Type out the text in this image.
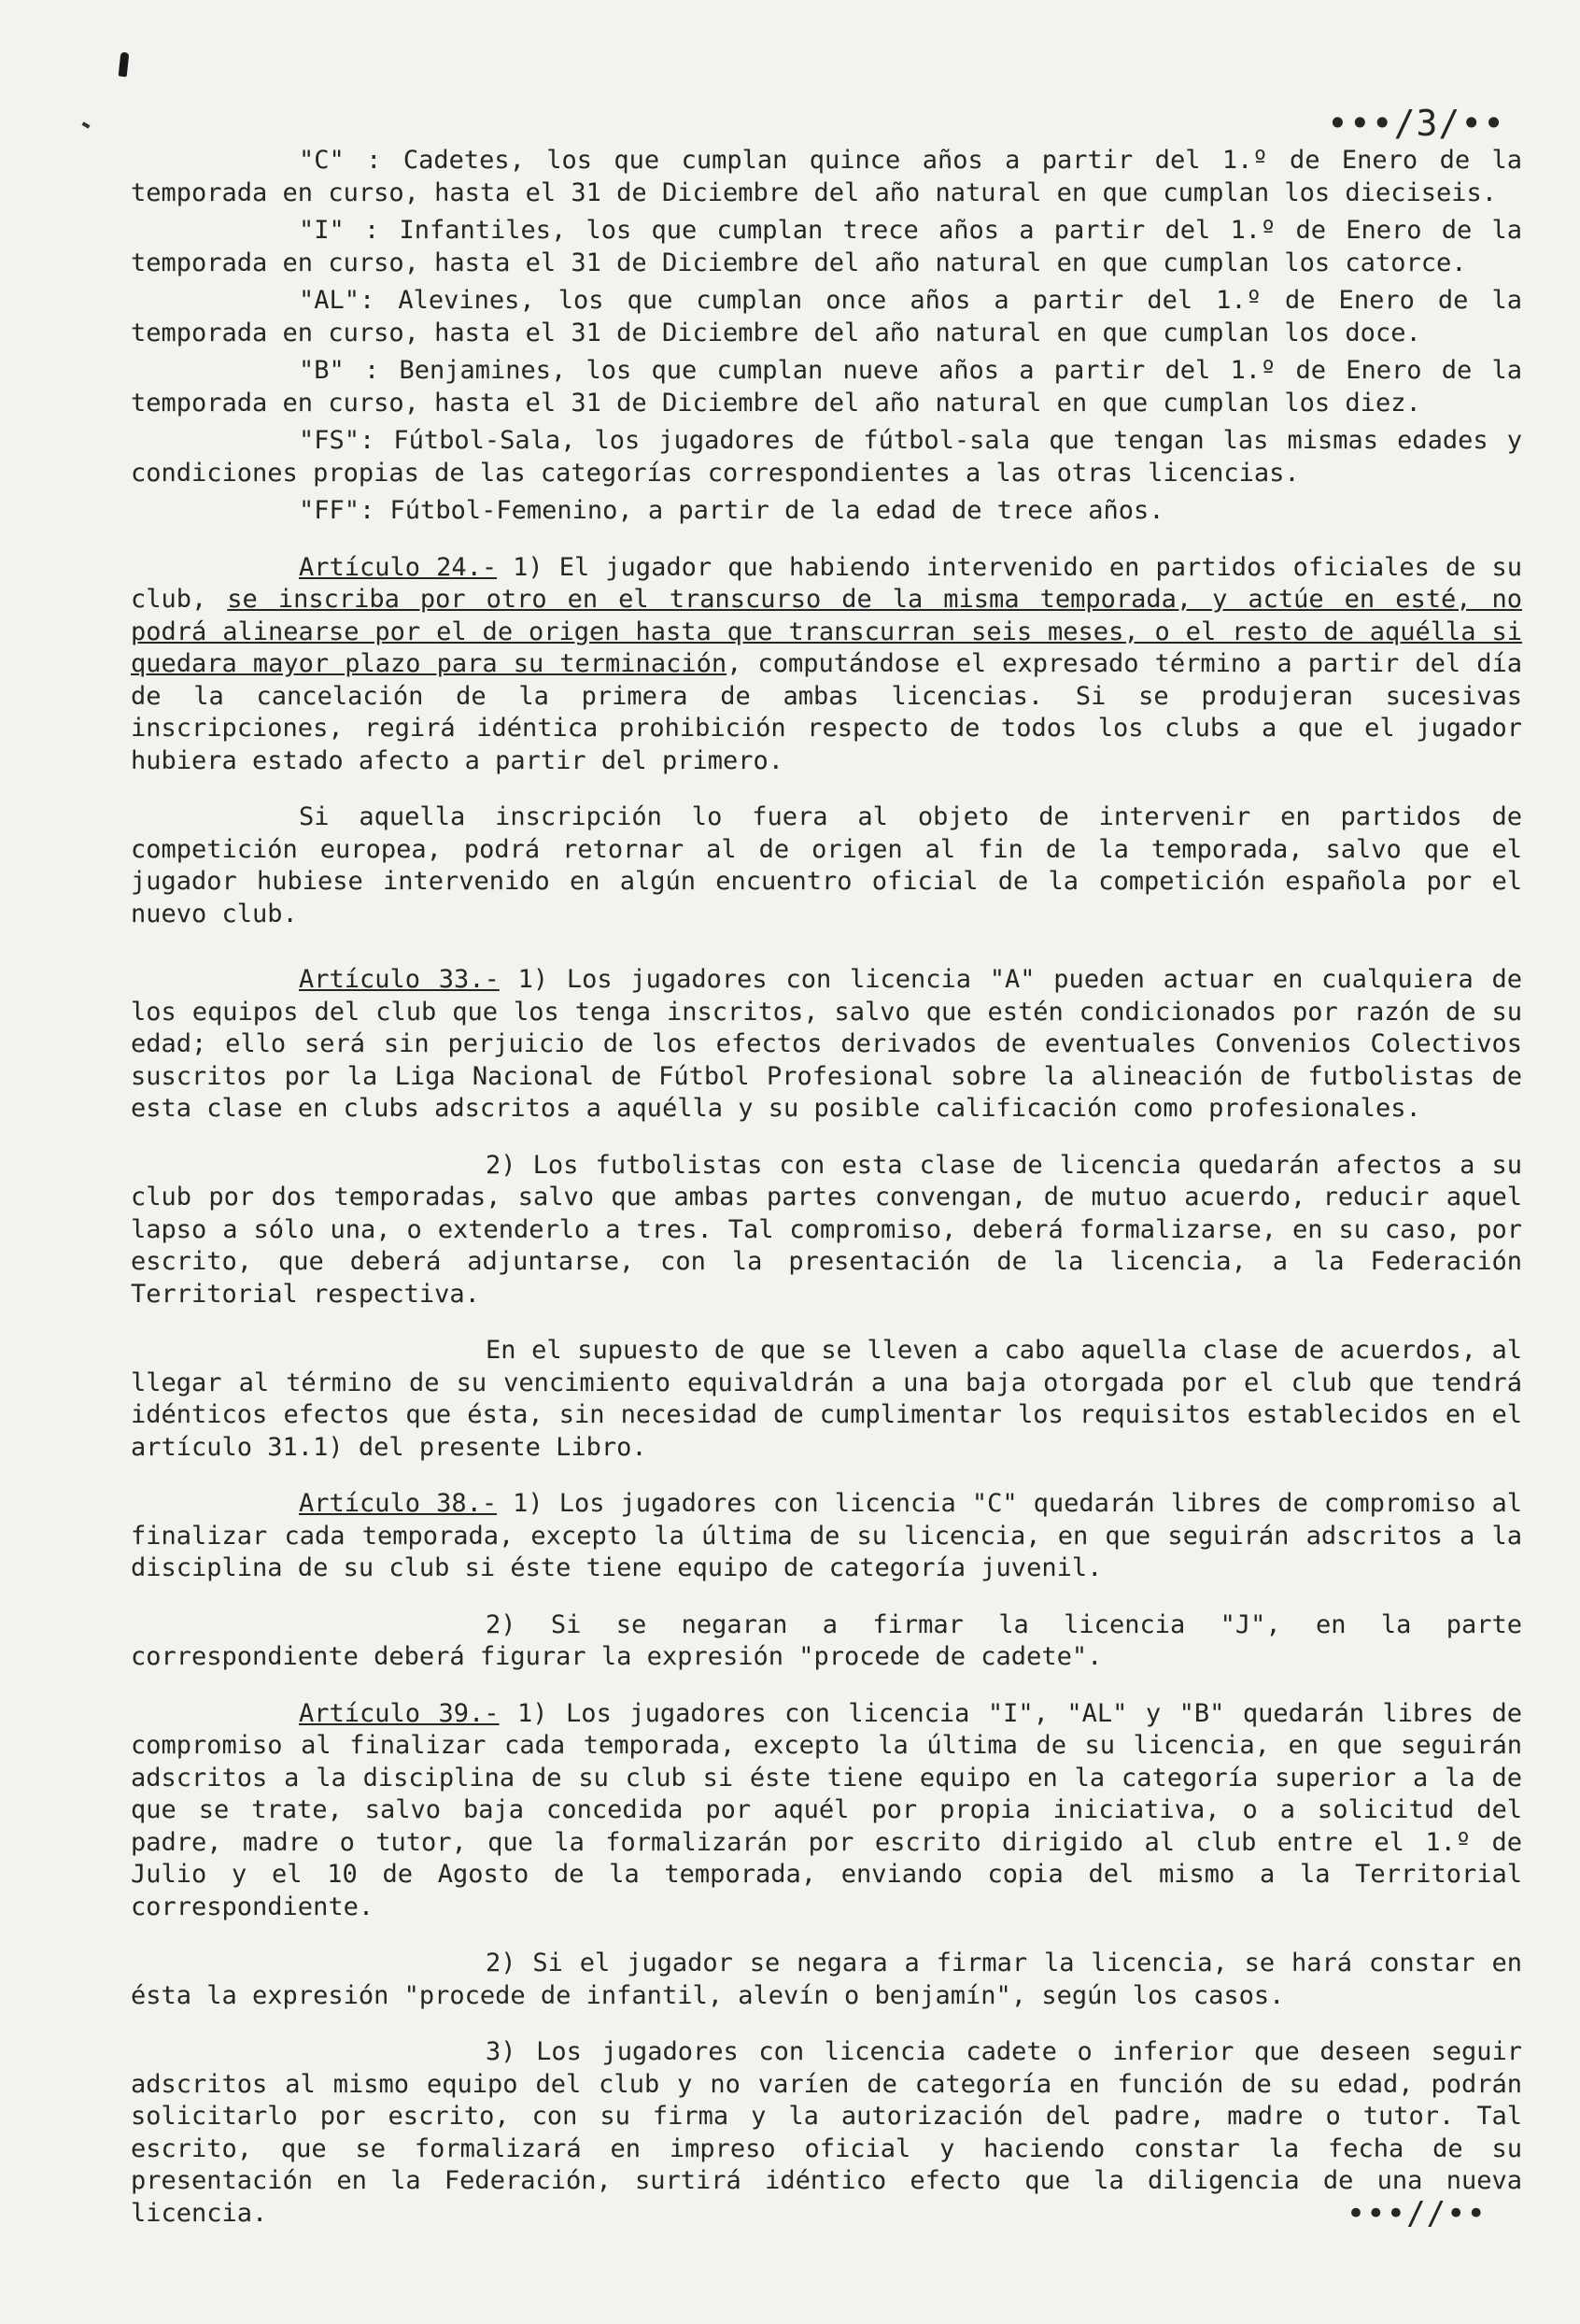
•••/3/••

"C" : Cadetes, los que cumplan quince años a partir del 1.º de Enero de la temporada en curso, hasta el 31 de Diciembre del año natural en que cumplan los dieciseis.

"I" : Infantiles, los que cumplan trece años a partir del 1.º de Enero de la temporada en curso, hasta el 31 de Diciembre del año natural en que cumplan los catorce.

"AL": Alevines, los que cumplan once años a partir del 1.º de Enero de la temporada en curso, hasta el 31 de Diciembre del año natural en que cumplan los doce.

"B" : Benjamines, los que cumplan nueve años a partir del 1.º de Enero de la temporada en curso, hasta el 31 de Diciembre del año natural en que cumplan los diez.

"FS": Fútbol-Sala, los jugadores de fútbol-sala que tengan las mismas edades y condiciones propias de las categorías correspondientes a las otras licencias.

"FF": Fútbol-Femenino, a partir de la edad de trece años.

Artículo 24.- 1) El jugador que habiendo intervenido en partidos oficiales de su club, se inscriba por otro en el transcurso de la misma temporada, y actúe en esté, no podrá alinearse por el de origen hasta que transcurran seis meses, o el resto de aquélla si quedara mayor plazo para su terminación, computándose el expresado término a partir del día de la cancelación de la primera de ambas licencias. Si se produjeran sucesivas inscripciones, regirá idéntica prohibición respecto de todos los clubs a que el jugador hubiera estado afecto a partir del primero.

Si aquella inscripción lo fuera al objeto de intervenir en partidos de competición europea, podrá retornar al de origen al fin de la temporada, salvo que el jugador hubiese intervenido en algún encuentro oficial de la competición española por el nuevo club.

Artículo 33.- 1) Los jugadores con licencia "A" pueden actuar en cualquiera de los equipos del club que los tenga inscritos, salvo que estén condicionados por razón de su edad; ello será sin perjuicio de los efectos derivados de eventuales Convenios Colectivos suscritos por la Liga Nacional de Fútbol Profesional sobre la alineación de futbolistas de esta clase en clubs adscritos a aquélla y su posible calificación como profesionales.

2) Los futbolistas con esta clase de licencia quedarán afectos a su club por dos temporadas, salvo que ambas partes convengan, de mutuo acuerdo, reducir aquel lapso a sólo una, o extenderlo a tres. Tal compromiso, deberá formalizarse, en su caso, por escrito, que deberá adjuntarse, con la presentación de la licencia, a la Federación Territorial respectiva.

En el supuesto de que se lleven a cabo aquella clase de acuerdos, al llegar al término de su vencimiento equivaldrán a una baja otorgada por el club que tendrá idénticos efectos que ésta, sin necesidad de cumplimentar los requisitos establecidos en el artículo 31.1) del presente Libro.

Artículo 38.- 1) Los jugadores con licencia "C" quedarán libres de compromiso al finalizar cada temporada, excepto la última de su licencia, en que seguirán adscritos a la disciplina de su club si éste tiene equipo de categoría juvenil.

2) Si se negaran a firmar la licencia "J", en la parte correspondiente deberá figurar la expresión "procede de cadete".

Artículo 39.- 1) Los jugadores con licencia "I", "AL" y "B" quedarán libres de compromiso al finalizar cada temporada, excepto la última de su licencia, en que seguirán adscritos a la disciplina de su club si éste tiene equipo en la categoría superior a la de que se trate, salvo baja concedida por aquél por propia iniciativa, o a solicitud del padre, madre o tutor, que la formalizarán por escrito dirigido al club entre el 1.º de Julio y el 10 de Agosto de la temporada, enviando copia del mismo a la Territorial correspondiente.

2) Si el jugador se negara a firmar la licencia, se hará constar en ésta la expresión "procede de infantil, alevín o benjamín", según los casos.

3) Los jugadores con licencia cadete o inferior que deseen seguir adscritos al mismo equipo del club y no varíen de categoría en función de su edad, podrán solicitarlo por escrito, con su firma y la autorización del padre, madre o tutor. Tal escrito, que se formalizará en impreso oficial y haciendo constar la fecha de su presentación en la Federación, surtirá idéntico efecto que la diligencia de una nueva licencia.	•••//••
